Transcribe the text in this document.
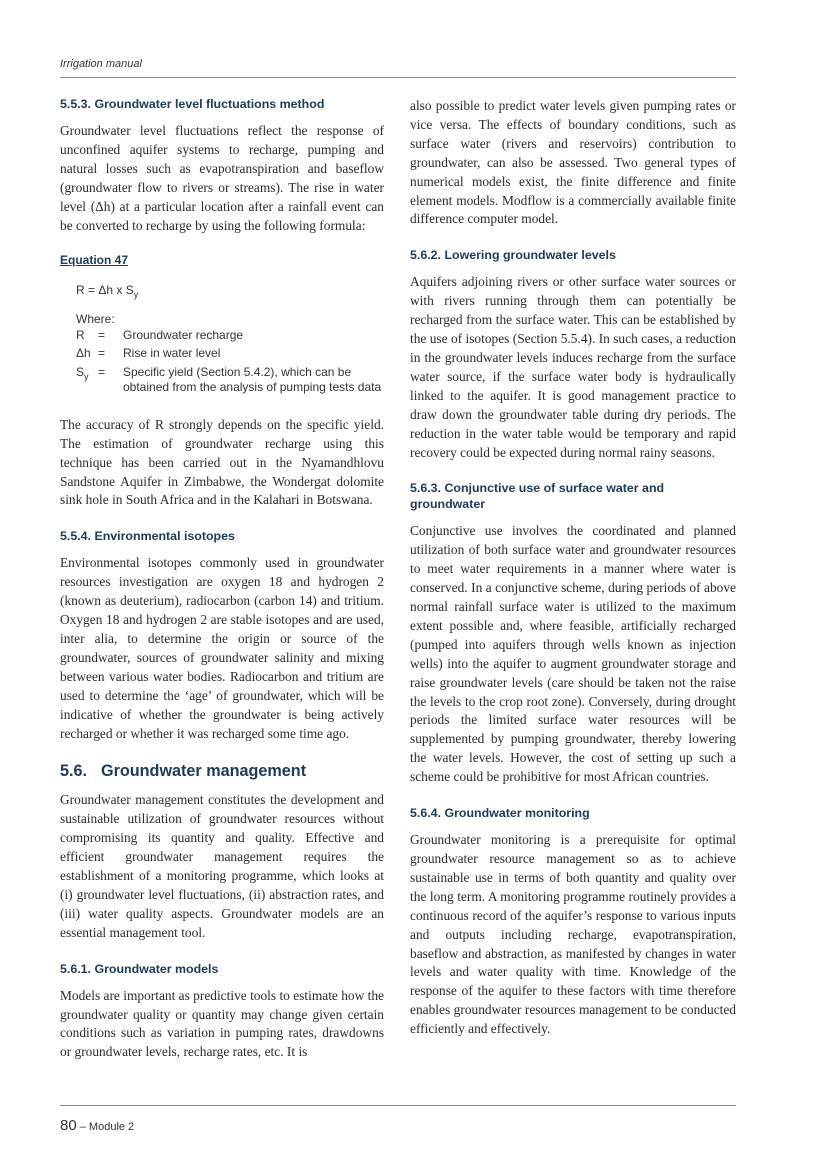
Irrigation manual
5.5.3. Groundwater level fluctuations method

Groundwater level fluctuations reflect the response of unconfined aquifer systems to recharge, pumping and natural losses such as evapotranspiration and baseflow (groundwater flow to rivers or streams). The rise in water level (Δh) at a particular location after a rainfall event can be converted to recharge by using the following formula:

Equation 47
R = Δh x $S_y$
Where:
R	=	Groundwater recharge
Δh =	Rise in water level
$S_y$ =	Specific yield (Section 5.4.2), which can be obtained from the analysis of pumping tests data

The accuracy of R strongly depends on the specific yield. The estimation of groundwater recharge using this technique has been carried out in the Nyamandhlovu Sandstone Aquifer in Zimbabwe, the Wondergat dolomite sink hole in South Africa and in the Kalahari in Botswana.

5.5.4. Environmental isotopes

Environmental isotopes commonly used in groundwater resources investigation are oxygen 18 and hydrogen 2 (known as deuterium), radiocarbon (carbon 14) and tritium. Oxygen 18 and hydrogen 2 are stable isotopes and are used, inter alia, to determine the origin or source of the groundwater, sources of groundwater salinity and mixing between various water bodies. Radiocarbon and tritium are used to determine the ‘age’ of groundwater, which will be indicative of whether the groundwater is being actively recharged or whether it was recharged some time ago.

5.6. Groundwater management

Groundwater management constitutes the development and sustainable utilization of groundwater resources without compromising its quantity and quality. Effective and efficient groundwater management requires the establishment of a monitoring programme, which looks at (i) groundwater level fluctuations, (ii) abstraction rates, and (iii) water quality aspects. Groundwater models are an essential management tool.

5.6.1. Groundwater models

Models are important as predictive tools to estimate how the groundwater quality or quantity may change given certain conditions such as variation in pumping rates, drawdowns or groundwater levels, recharge rates, etc. It is

also possible to predict water levels given pumping rates or vice versa. The effects of boundary conditions, such as surface water (rivers and reservoirs) contribution to groundwater, can also be assessed. Two general types of numerical models exist, the finite difference and finite element models. Modflow is a commercially available finite difference computer model.

5.6.2. Lowering groundwater levels

Aquifers adjoining rivers or other surface water sources or with rivers running through them can potentially be recharged from the surface water. This can be established by the use of isotopes (Section 5.5.4). In such cases, a reduction in the groundwater levels induces recharge from the surface water source, if the surface water body is hydraulically linked to the aquifer. It is good management practice to draw down the groundwater table during dry periods. The reduction in the water table would be temporary and rapid recovery could be expected during normal rainy seasons.

5.6.3. Conjunctive use of surface water and groundwater

Conjunctive use involves the coordinated and planned utilization of both surface water and groundwater resources to meet water requirements in a manner where water is conserved. In a conjunctive scheme, during periods of above normal rainfall surface water is utilized to the maximum extent possible and, where feasible, artificially recharged (pumped into aquifers through wells known as injection wells) into the aquifer to augment groundwater storage and raise groundwater levels (care should be taken not the raise the levels to the crop root zone). Conversely, during drought periods the limited surface water resources will be supplemented by pumping groundwater, thereby lowering the water levels. However, the cost of setting up such a scheme could be prohibitive for most African countries.

5.6.4. Groundwater monitoring

Groundwater monitoring is a prerequisite for optimal groundwater resource management so as to achieve sustainable use in terms of both quantity and quality over the long term. A monitoring programme routinely provides a continuous record of the aquifer’s response to various inputs and outputs including recharge, evapotranspiration, baseflow and abstraction, as manifested by changes in water levels and water quality with time. Knowledge of the response of the aquifer to these factors with time therefore enables groundwater resources management to be conducted efficiently and effectively.

80 – Module 2
